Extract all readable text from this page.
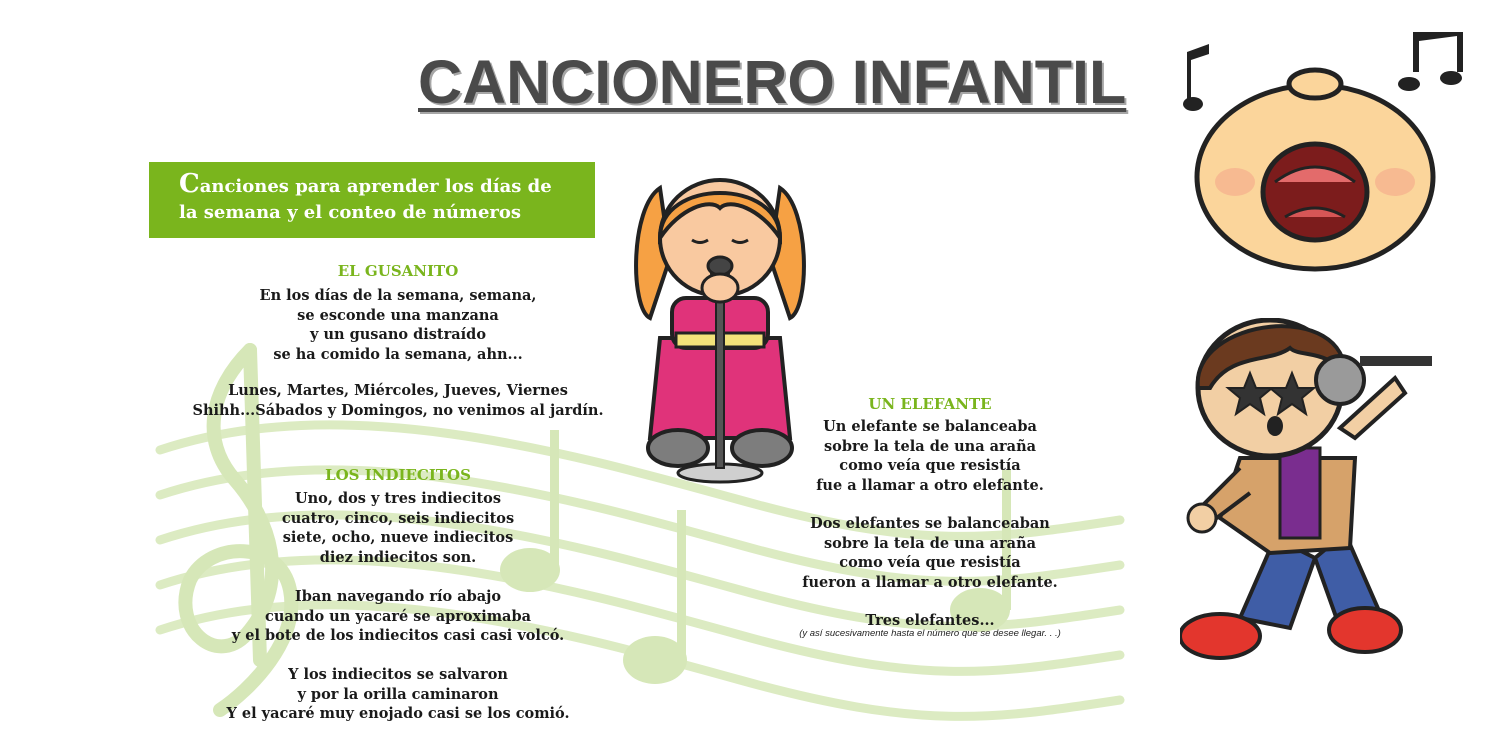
CANCIONERO INFANTIL
Canciones para aprender los días de
la semana y el conteo de números
EL GUSANITO
En los días de la semana, semana,
se esconde una manzana
y un gusano distraído
se ha comido la semana, ahn...
Lunes, Martes, Miércoles, Jueves, Viernes
Shihh...Sábados y Domingos, no venimos al jardín.
LOS INDIECITOS
Uno, dos y tres indiecitos
cuatro, cinco, seis indiecitos
siete, ocho, nueve indiecitos
diez indiecitos son.
Iban navegando río abajo
cuando un yacaré se aproximaba
y el bote de los indiecitos casi casi volcó.
Y los indiecitos se salvaron
y por la orilla caminaron
Y el yacaré muy enojado casi se los comió.
UN ELEFANTE
Un elefante se balanceaba
sobre la tela de una araña
como veía que resistía
fue a llamar a otro elefante.
Dos elefantes se balanceaban
sobre la tela de una araña
como veía que resistía
fueron a llamar a otro elefante.
Tres elefantes...
(y así sucesivamente hasta el número que se desee llegar. . .)
